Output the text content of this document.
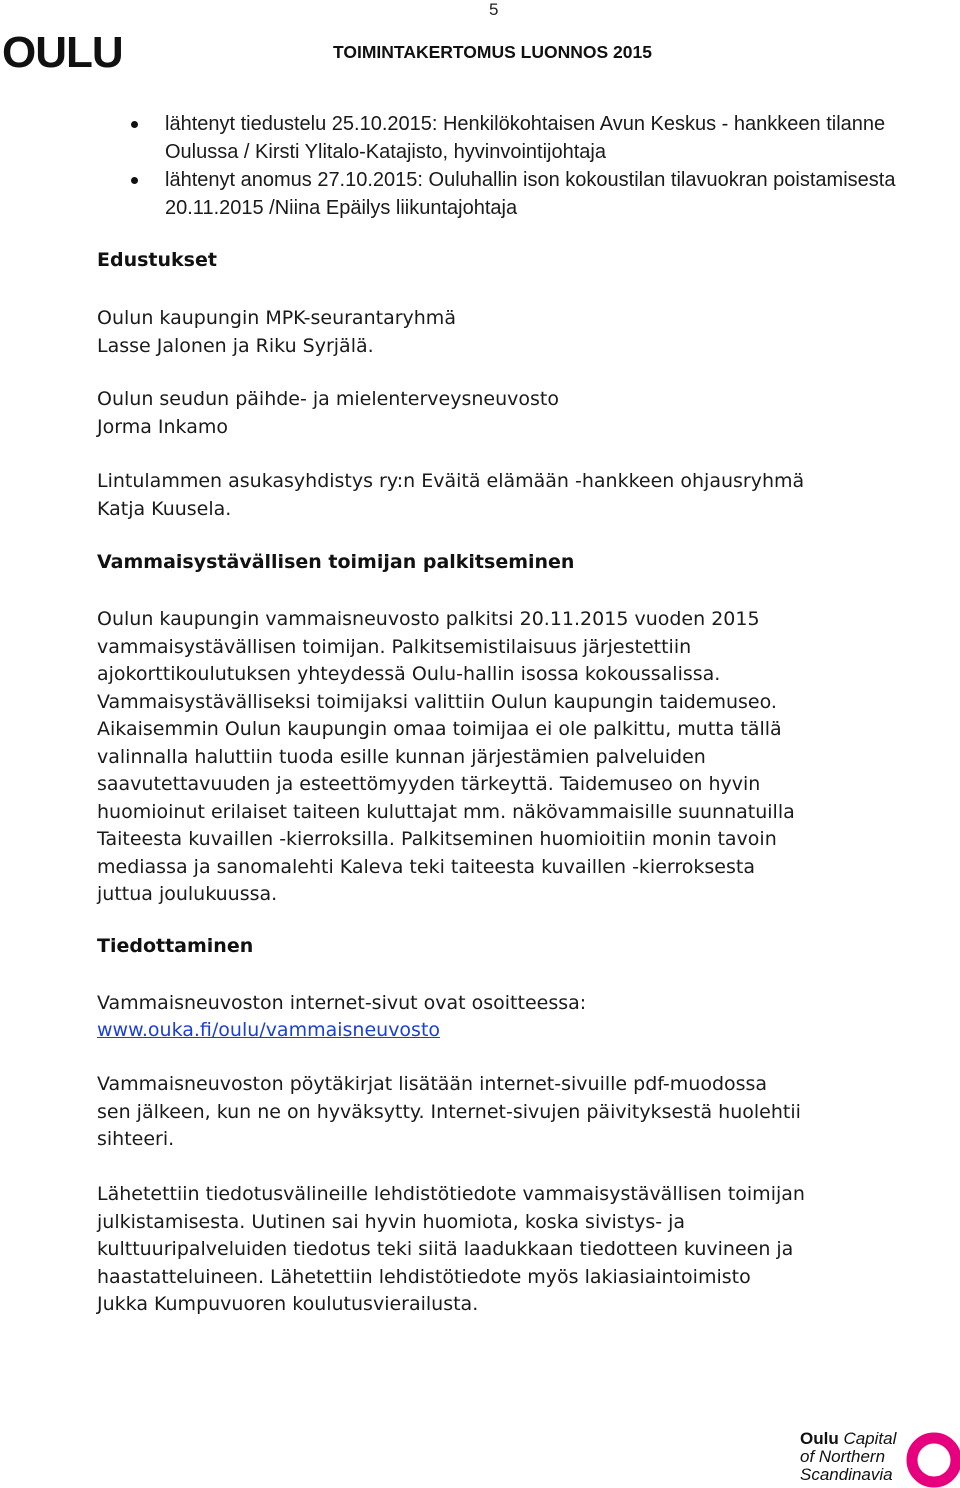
5
OULU	TOIMINTAKERTOMUS LUONNOS 2015
lähtenyt tiedustelu 25.10.2015: Henkilökohtaisen Avun Keskus - hankkeen tilanne Oulussa / Kirsti Ylitalo-Katajisto, hyvinvointijohtaja
lähtenyt anomus 27.10.2015: Ouluhallin ison kokoustilan tilavuokran poistamisesta 20.11.2015 /Niina Epäilys liikuntajohtaja
Edustukset

Oulun kaupungin MPK-seurantaryhmä
Lasse Jalonen ja Riku Syrjälä.

Oulun seudun päihde- ja mielenterveysneuvosto
Jorma Inkamo

Lintulammen asukasyhdistys ry:n Eväitä elämään -hankkeen ohjausryhmä
Katja Kuusela.

Vammaisystävällisen toimijan palkitseminen

Oulun kaupungin vammaisneuvosto palkitsi 20.11.2015 vuoden 2015
vammaisystävällisen toimijan. Palkitsemistilaisuus järjestettiin
ajokorttikoulutuksen yhteydessä Oulu-hallin isossa kokoussalissa.
Vammaisystävälliseksi toimijaksi valittiin Oulun kaupungin taidemuseo.
Aikaisemmin Oulun kaupungin omaa toimijaa ei ole palkittu, mutta tällä
valinnalla haluttiin tuoda esille kunnan järjestämien palveluiden
saavutettavuuden ja esteettömyyden tärkeyttä. Taidemuseo on hyvin
huomioinut erilaiset taiteen kuluttajat mm. näkövammaisille suunnatuilla
Taiteesta kuvaillen -kierroksilla. Palkitseminen huomioitiin monin tavoin
mediassa ja sanomalehti Kaleva teki taiteesta kuvaillen -kierroksesta
juttua joulukuussa.

Tiedottaminen

Vammaisneuvoston internet-sivut ovat osoitteessa:

www.ouka.fi/oulu/vammaisneuvosto

Vammaisneuvoston pöytäkirjat lisätään internet-sivuille pdf-muodossa
sen jälkeen, kun ne on hyväksytty. Internet-sivujen päivityksestä huolehtii
sihteeri.

Lähetettiin tiedotusvälineille lehdistötiedote vammaisystävällisen toimijan
julkistamisesta. Uutinen sai hyvin huomiota, koska sivistys- ja
kulttuuripalveluiden tiedotus teki siitä laadukkaan tiedotteen kuvineen ja
haastatteluineen. Lähetettiin lehdistötiedote myös lakiasiaintoimisto
Jukka Kumpuvuoren koulutusvierailusta.

Oulu Capital
of Northern
Scandinavia
